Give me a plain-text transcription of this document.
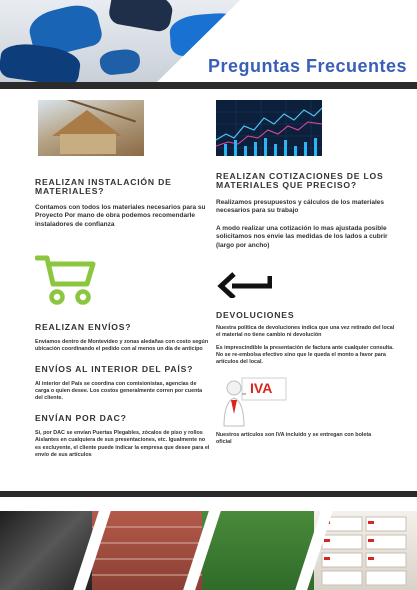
Preguntas Frecuentes
REALIZAN INSTALACIÓN DE MATERIALES?
Contamos con todos los materiales necesarios para su Proyecto Por mano de obra podemos recomendarle instaladores de confianza
REALIZAN ENVÍOS?
Enviamos dentro de Montevideo y zonas aledañas con costo según ubicación coordinando el pedido con al menos un día de anticipo
ENVÍOS AL INTERIOR DEL PAÍS?
Al interior del País se coordina con comisionistas, agencias de carga o quien desee. Los costos generalmente corren por cuenta del cliente.
ENVÍAN POR DAC?
Si, por DAC se envían Puertas Plegables, zócalos de piso y rollos Aislantes en cualquiera de sus presentaciones, etc. Igualmente no es excluyente, el cliente puede indicar la empresa que desee para el envío de sus artículos
REALIZAN COTIZACIONES DE LOS MATERIALES QUE PRECISO?
Realizamos presupuestos y cálculos de los materiales necesarios para su trabajo
A modo realizar una cotización lo mas ajustada posible solicitamos nos envie las medidas de los lados a cubrir (largo por ancho)
DEVOLUCIONES
Nuestra política de devoluciones indica que una vez retirado del local el material no tiene cambio ni devolución
Es imprescindible la presentación de factura ante cualquier consulta. No se re-embolsa efectivo sino que le queda el monto a favor para artículos del local.
IVA
Nuestros artículos son IVA incluido y se entregan con boleta oficial
